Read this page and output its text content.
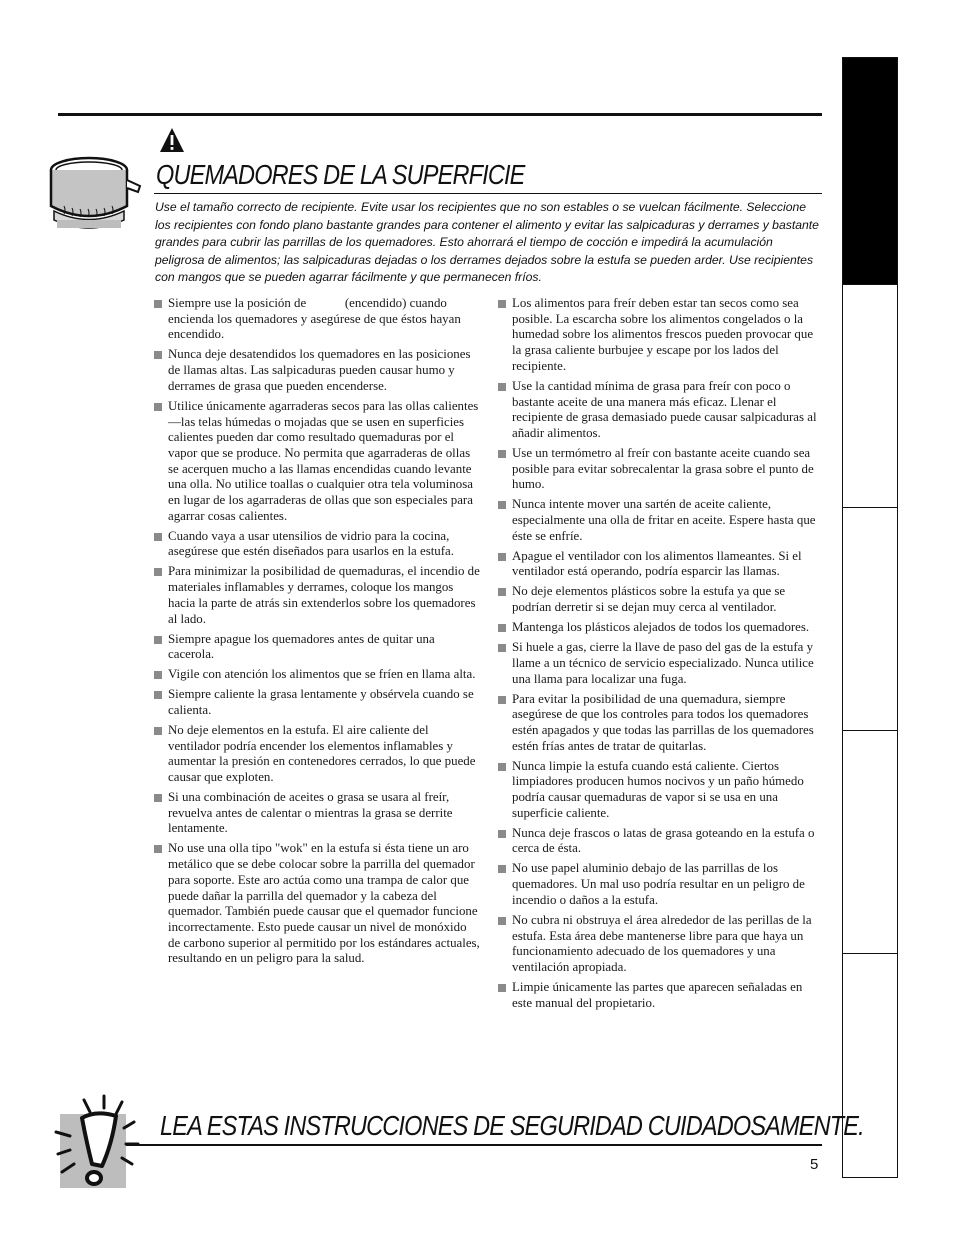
QUEMADORES DE LA SUPERFICIE
Use el tamaño correcto de recipiente. Evite usar los recipientes que no son estables o se vuelcan fácilmente. Seleccione los recipientes con fondo plano bastante grandes para contener el alimento y evitar las salpicaduras y derrames y bastante grandes para cubrir las parrillas de los quemadores. Esto ahorrará el tiempo de cocción e impedirá la acumulación peligrosa de alimentos; las salpicaduras dejadas o los derrames dejados sobre la estufa se pueden arder. Use recipientes con mangos que se pueden agarrar fácilmente y que permanecen fríos.
Siempre use la posición de            (encendido) cuando encienda los quemadores y asegúrese de que éstos hayan encendido.
Nunca deje desatendidos los quemadores en las posiciones de llamas altas. Las salpicaduras pueden causar humo y derrames de grasa que pueden encenderse.
Utilice únicamente agarraderas secos para las ollas calientes—las telas húmedas o mojadas que se usen en superficies calientes pueden dar como resultado quemaduras por el vapor que se produce. No permita que agarraderas de ollas se acerquen mucho a las llamas encendidas cuando levante una olla. No utilice toallas o cualquier otra tela voluminosa en lugar de los agarraderas de ollas que son especiales para agarrar cosas calientes.
Cuando vaya a usar utensilios de vidrio para la cocina, asegúrese que estén diseñados para usarlos en la estufa.
Para minimizar la posibilidad de quemaduras, el incendio de materiales inflamables y derrames, coloque los mangos hacia la parte de atrás sin extenderlos sobre los quemadores al lado.
Siempre apague los quemadores antes de quitar una cacerola.
Vigile con atención los alimentos que se fríen en llama alta.
Siempre caliente la grasa lentamente y obsérvela cuando se calienta.
No deje elementos en la estufa. El aire caliente del ventilador podría encender los elementos inflamables y aumentar la presión en contenedores cerrados, lo que puede causar que exploten.
Si una combinación de aceites o grasa se usara al freír, revuelva antes de calentar o mientras la grasa se derrite lentamente.
No use una olla tipo "wok" en la estufa si ésta tiene un aro metálico que se debe colocar sobre la parrilla del quemador para soporte. Este aro actúa como una trampa de calor que puede dañar la parrilla del quemador y la cabeza del quemador. También puede causar que el quemador funcione incorrectamente. Esto puede causar un nivel de monóxido de carbono superior al permitido por los estándares actuales, resultando en un peligro para la salud.
Los alimentos para freír deben estar tan secos como sea posible. La escarcha sobre los alimentos congelados o la humedad sobre los alimentos frescos pueden provocar que la grasa caliente burbujee y escape por los lados del recipiente.
Use la cantidad mínima de grasa para freír con poco o bastante aceite de una manera más eficaz. Llenar el recipiente de grasa demasiado puede causar salpicaduras al añadir alimentos.
Use un termómetro al freír con bastante aceite cuando sea posible para evitar sobrecalentar la grasa sobre el punto de humo.
Nunca intente mover una sartén de aceite caliente, especialmente una olla de fritar en aceite. Espere hasta que éste se enfríe.
Apague el ventilador con los alimentos llameantes. Si el ventilador está operando, podría esparcir las llamas.
No deje elementos plásticos sobre la estufa ya que se podrían derretir si se dejan muy cerca al ventilador.
Mantenga los plásticos alejados de todos los quemadores.
Si huele a gas, cierre la llave de paso del gas de la estufa y llame a un técnico de servicio especializado. Nunca utilice una llama para localizar una fuga.
Para evitar la posibilidad de una quemadura, siempre asegúrese de que los controles para todos los quemadores estén apagados y que todas las parrillas de los quemadores estén frías antes de tratar de quitarlas.
Nunca limpie la estufa cuando está caliente. Ciertos limpiadores producen humos nocivos y un paño húmedo podría causar quemaduras de vapor si se usa en una superficie caliente.
Nunca deje frascos o latas de grasa goteando en la estufa o cerca de ésta.
No use papel aluminio debajo de las parrillas de los quemadores. Un mal uso podría resultar en un peligro de incendio o daños a la estufa.
No cubra ni obstruya el área alrededor de las perillas de la estufa. Esta área debe mantenerse libre para que haya un funcionamiento adecuado de los quemadores y una ventilación apropiada.
Limpie únicamente las partes que aparecen señaladas en este manual del propietario.
LEA ESTAS INSTRUCCIONES DE SEGURIDAD CUIDADOSAMENTE.
5
